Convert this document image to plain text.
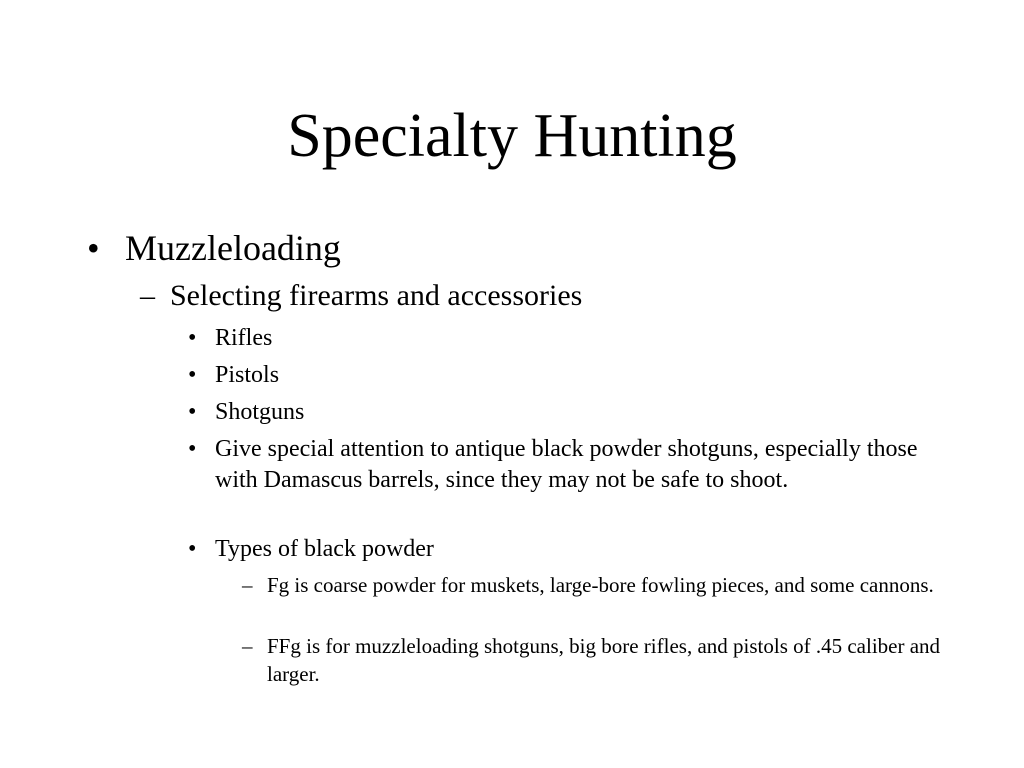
Specialty Hunting
• Muzzleloading
– Selecting firearms and accessories
• Rifles
• Pistols
• Shotguns
• Give special attention to antique black powder shotguns, especially those with Damascus barrels, since they may not be safe to shoot.
• Types of black powder
– Fg is coarse powder for muskets, large-bore fowling pieces, and some cannons.
– FFg is for muzzleloading shotguns, big bore rifles, and pistols of .45 caliber and larger.
